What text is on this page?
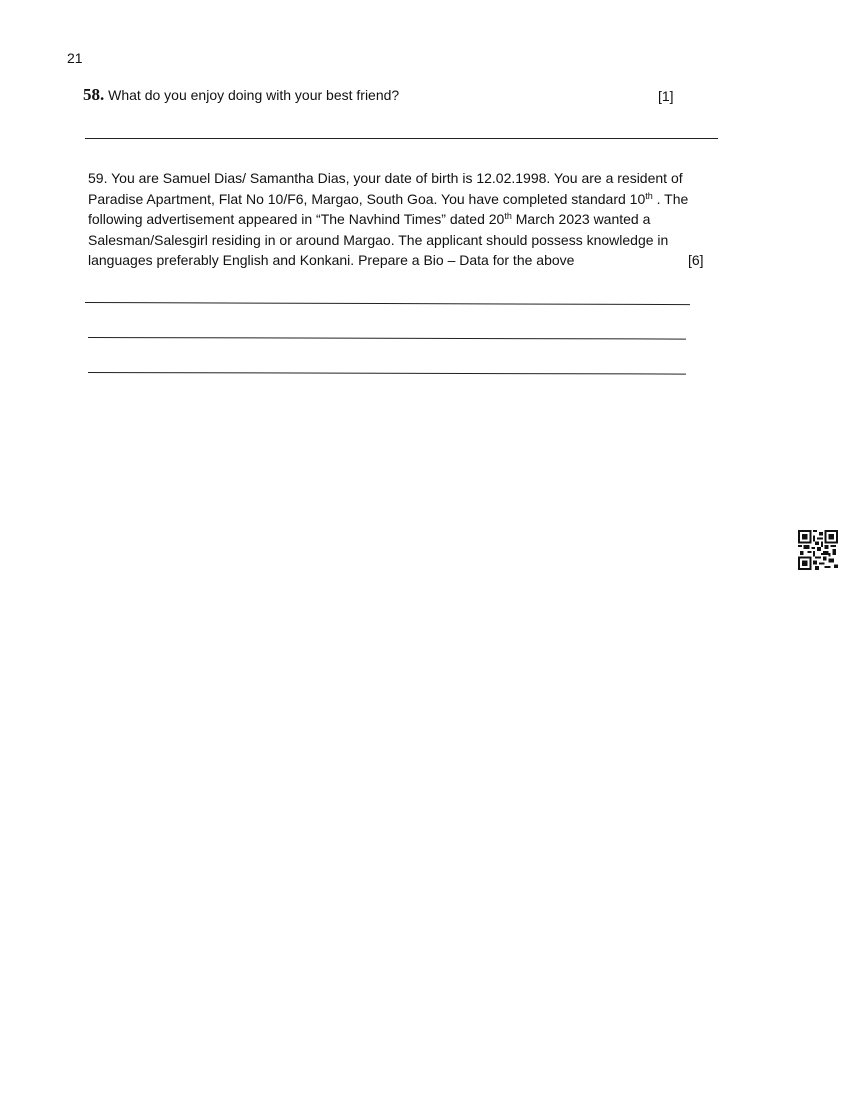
21
58. What do you enjoy doing with your best friend?	[1]
59. You are Samuel Dias/ Samantha Dias, your date of birth is 12.02.1998. You are a resident of
Paradise Apartment, Flat No 10/F6, Margao, South Goa. You have completed standard 10th . The
following advertisement appeared in “The Navhind Times” dated 20th March 2023 wanted a
Salesman/Salesgirl residing in or around Margao. The applicant should possess knowledge in
languages preferably English and Konkani. Prepare a Bio – Data for the above	[6]
